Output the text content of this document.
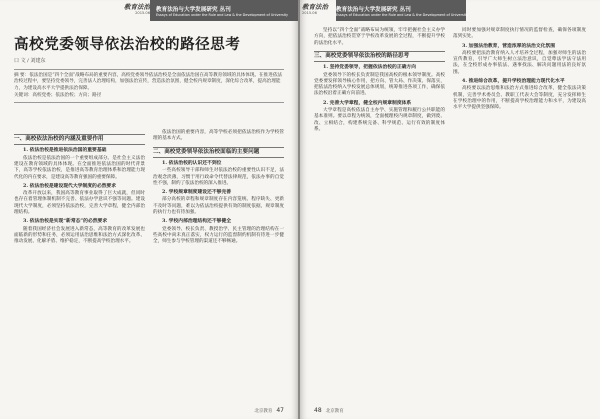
教育法治
2015.06
教育法治与大学发展研究 丛刊
Essays of Education under the Rule and Law & the Development of University
高校党委领导依法治校的路径思考
口 文 / 刘建东

摘 要：依法治国是“四个全面”战略布局的重要内容，高校党委领导依法治校是全面依法治国在高等教育领域的具体体现。在推进依法治校过程中，要坚持党委领导，完善法人治理结构，加强法治宣传，营造法治氛围，健全校内规章制度，深化综合改革，提高治理能力，为建设高水平大学提供法治保障。

关键词：高校党委；依法治校；方向；路径

一、高校依法治校的内涵及重要作用
1. 依法治校是推进依法治国的重要基础

依法治校是依法治国的一个重要组成部分。是社会主义法治建设在教育领域的具体体现。在全面推进依法治国的时代背景下，高等学校依法治校，是推进高等教育治理体系和治理能力现代化的内在要求，是建设高等教育强国的重要保障。

2. 依法治校是建设现代大学制度的必然要求

改革开放以来，我国高等教育事业取得了巨大成就，但同时也存在着管理体制机制不完善、依法办学意识不强等问题。建设现代大学制度，必须坚持依法治校，完善大学章程，健全内部治理结构。

3. 依法治校是实现“新常态”的必然要求

随着我国经济社会发展进入新常态，高等教育的改革发展也面临新的形势和任务，必须运用法治思维和法治方式深化改革、推动发展、化解矛盾、维护稳定，不断提高学校治理水平。

依法治国的重要内容，高等学校必须把依法治校作为学校管理的基本方式。

二、高校党委领导依法治校面临的主要问题
1. 依法治校的认识还不到位

一些高校领导干部和师生对依法治校的重要性认识不足，法治观念淡薄，习惯于用行政命令代替法律规范，依法办事的自觉性不强，制约了依法治校的深入推进。

2. 学校规章制度建设还不够完善

部分高校的章程和规章制度存在内容笼统、程序缺失、更新不及时等问题，难以为依法治校提供有效的制度依据，规章制度的执行力也有待加强。

3. 学校内部治理结构还不够健全

党委领导、校长负责、教授治学、民主管理的治理结构在一些高校中尚未真正落实，权力运行的监督制约机制有待进一步健全，师生参与学校管理的渠道还不够畅通。

北京教育 47
教育法治
2015.06
教育法治与大学发展研究 丛刊
Essays of Education under the Rule and Law & the Development of University

坚持以“四个全面”战略布局为统领，牢牢把握社会主义办学方向，把依法治校贯穿于学校改革发展的全过程，不断提升学校的法治化水平。

三、高校党委领导依法治校的路径思考
1. 坚持党委领导，把握依法治校的正确方向

党委领导下的校长负责制是我国高校的根本领导制度。高校党委要发挥领导核心作用，把方向、管大局、作决策、保落实，把依法治校纳入学校发展总体规划，统筹推进各项工作，确保依法治校沿着正确方向前进。

2. 完善大学章程，健全校内规章制度体系

大学章程是高校依法自主办学、实施管理和履行公共职能的基本准则。要以章程为统领，全面梳理校内规章制度，做到废、改、立相结合，构建系统完备、科学规范、运行有效的制度体系。

同时要加强对规章制度执行情况的监督检查，确保各项制度落到实处。

3. 加强法治教育，营造浓厚的法治文化氛围

高校要把法治教育纳入人才培养全过程，加强对师生的法治宣传教育，引导广大师生树立法治意识，自觉尊法学法守法用法，在全校形成办事依法、遇事找法、解决问题用法的良好氛围。

4. 推进综合改革，提升学校治理能力现代化水平

高校要以法治思维和法治方式推进综合改革，健全依法决策机制，完善学术委员会、教职工代表大会等制度，充分发挥师生在学校治理中的作用，不断提高学校治理能力和水平，为建设高水平大学提供坚强保障。

48 北京教育
